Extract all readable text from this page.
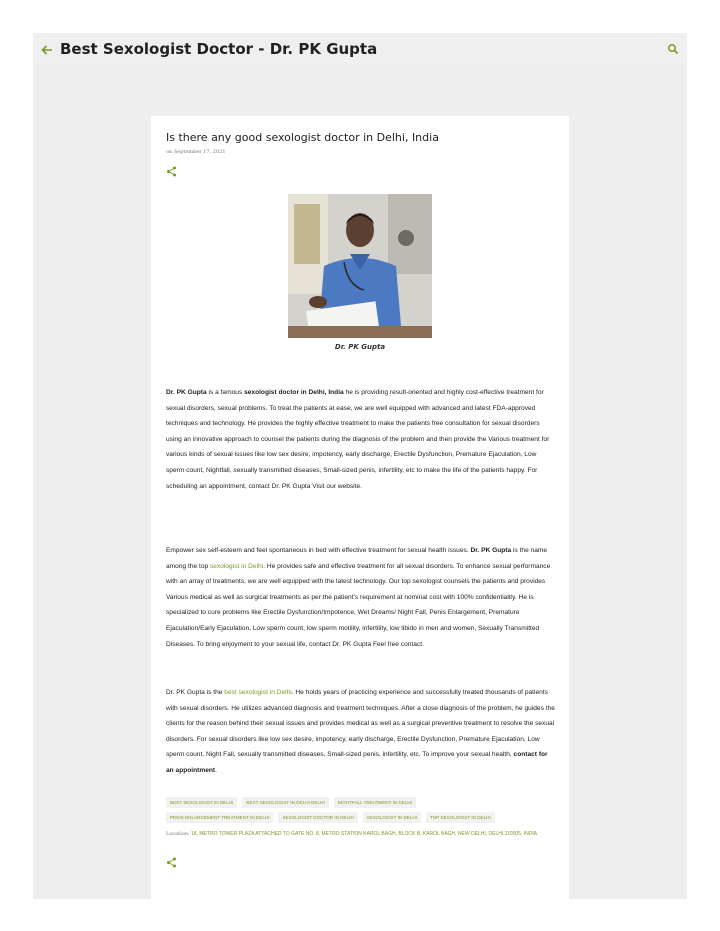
Best Sexologist Doctor - Dr. PK Gupta
Is there any good sexologist doctor in Delhi, India
on September 17, 2021
Dr. PK Gupta
Dr. PK Gupta is a famous sexologist doctor in Delhi, India he is providing result-oriented and highly cost-effective treatment for sexual disorders, sexual problems. To treat the patients at ease, we are well equipped with advanced and latest FDA-approved techniques and technology. He provides the highly effective treatment to make the patients free consultation for sexual disorders using an innovative approach to counsel the patients during the diagnosis of the problem and then provide the Various treatment for various kinds of sexual issues like low sex desire, impotency, early discharge, Erectile Dysfunction, Premature Ejaculation, Low sperm count, Nightfall, sexually transmitted diseases, Small-sized penis, infertility, etc to make the life of the patients happy. For scheduling an appointment, contact Dr. PK Gupta Visit our website.
Empower sex self-esteem and feel spontaneous in bed with effective treatment for sexual health issues. Dr. PK Gupta is the name among the top sexologist in Delhi. He provides safe and effective treatment for all sexual disorders. To enhance sexual performance with an array of treatments, we are well equipped with the latest technology. Our top sexologist counsels the patients and provides Various medical as well as surgical treatments as per the patient’s requirement at nominal cost with 100% confidentiality. He is specialized to cure problems like Erectile Dysfunction/Impotence, Wet Dreams/ Night Fall, Penis Enlargement, Premature Ejaculation/Early Ejaculation, Low sperm count, low sperm motility, infertility, low libido in men and women, Sexually Transmitted Diseases. To bring enjoyment to your sexual life, contact Dr. PK Gupta Feel free contact.
Dr. PK Gupta is the best sexologist in Delhi. He holds years of practicing experience and successfully treated thousands of patients with sexual disorders. He utilizes advanced diagnosis and treatment techniques. After a close diagnosis of the problem, he guides the clients for the reason behind their sexual issues and provides medical as well as a surgical preventive treatment to resolve the sexual disorders. For sexual disorders like low sex desire, impotency, early discharge, Erectile Dysfunction, Premature Ejaculation, Low sperm count, Night Fall, sexually transmitted diseases, Small-sized penis, infertility, etc. To improve your sexual health, contact for an appointment.
BEST SEXOLOGIST IN DELHI	BEST SEXOLOGIST IN DELHI DELHI	NIGHTFALL TREATMENT IN DELHI
PENIS ENLARGEMENT TREATMENT IN DELHI	SEXOLOGIST DOCTOR IN DELHI	SEXOLOGIST IN DELHI	TOP SEXOLOGIST IN DELHI
Location: 18, METRO TOWER PLAZA ATTACHED TO GATE NO. 8, METRO STATION KAROL BAGH, BLOCK B, KAROL BAGH, NEW DELHI, DELHI 110005, INDIA
